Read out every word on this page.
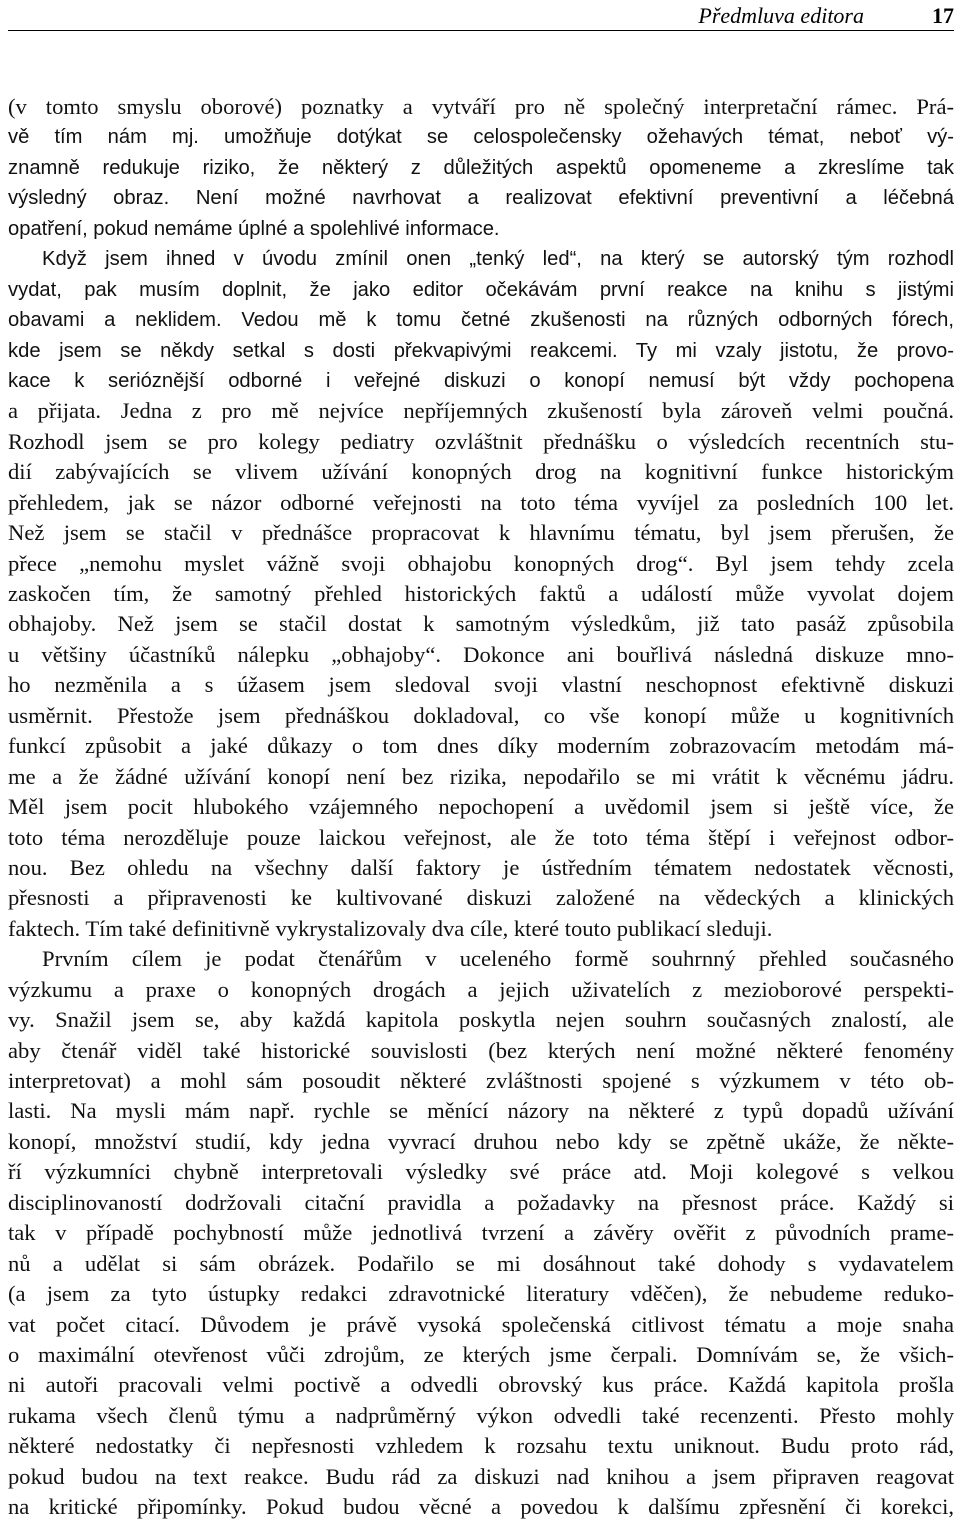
Předmluva editora	17
(v tomto smyslu oborové) poznatky a vytváří pro ně společný interpretační rámec. Prá-
vě tím nám mj. umožňuje dotýkat se celospolečensky ožehavých témat, neboť vý-
znamně redukuje riziko, že některý z důležitých aspektů opomeneme a zkreslíme tak
výsledný obraz. Není možné navrhovat a realizovat efektivní preventivní a léčebná
opatření, pokud nemáme úplné a spolehlivé informace.
Když jsem ihned v úvodu zmínil onen „tenký led“, na který se autorský tým rozhodl
vydat, pak musím doplnit, že jako editor očekávám první reakce na knihu s jistými
obavami a neklidem. Vedou mě k tomu četné zkušenosti na různých odborných fórech,
kde jsem se někdy setkal s dosti překvapivými reakcemi. Ty mi vzaly jistotu, že provo-
kace k serióznější odborné i veřejné diskuzi o konopí nemusí být vždy pochopena
a přijata. Jedna z pro mě nejvíce nepříjemných zkušeností byla zároveň velmi poučná.
Rozhodl jsem se pro kolegy pediatry ozvláštnit přednášku o výsledcích recentních stu-
dií zabývajících se vlivem užívání konopných drog na kognitivní funkce historickým
přehledem, jak se názor odborné veřejnosti na toto téma vyvíjel za posledních 100 let.
Než jsem se stačil v přednášce propracovat k hlavnímu tématu, byl jsem přerušen, že
přece „nemohu myslet vážně svoji obhajobu konopných drog“. Byl jsem tehdy zcela
zaskočen tím, že samotný přehled historických faktů a událostí může vyvolat dojem
obhajoby. Než jsem se stačil dostat k samotným výsledkům, již tato pasáž způsobila
u většiny účastníků nálepku „obhajoby“. Dokonce ani bouřlivá následná diskuze mno-
ho nezměnila a s úžasem jsem sledoval svoji vlastní neschopnost efektivně diskuzi
usměrnit. Přestože jsem přednáškou dokladoval, co vše konopí může u kognitivních
funkcí způsobit a jaké důkazy o tom dnes díky moderním zobrazovacím metodám má-
me a že žádné užívání konopí není bez rizika, nepodařilo se mi vrátit k věcnému jádru.
Měl jsem pocit hlubokého vzájemného nepochopení a uvědomil jsem si ještě více, že
toto téma nerozděluje pouze laickou veřejnost, ale že toto téma štěpí i veřejnost odbor-
nou. Bez ohledu na všechny další faktory je ústředním tématem nedostatek věcnosti,
přesnosti a připravenosti ke kultivované diskuzi založené na vědeckých a klinických
faktech. Tím také definitivně vykrystalizovaly dva cíle, které touto publikací sleduji.
Prvním cílem je podat čtenářům v uceleného formě souhrnný přehled současného
výzkumu a praxe o konopných drogách a jejich uživatelích z mezioborové perspekti-
vy. Snažil jsem se, aby každá kapitola poskytla nejen souhrn současných znalostí, ale
aby čtenář viděl také historické souvislosti (bez kterých není možné některé fenomény
interpretovat) a mohl sám posoudit některé zvláštnosti spojené s výzkumem v této ob-
lasti. Na mysli mám např. rychle se měnící názory na některé z typů dopadů užívání
konopí, množství studií, kdy jedna vyvrací druhou nebo kdy se zpětně ukáže, že někte-
ří výzkumníci chybně interpretovali výsledky své práce atd. Moji kolegové s velkou
disciplinovaností dodržovali citační pravidla a požadavky na přesnost práce. Každý si
tak v případě pochybností může jednotlivá tvrzení a závěry ověřit z původních prame-
nů a udělat si sám obrázek. Podařilo se mi dosáhnout také dohody s vydavatelem
(a jsem za tyto ústupky redakci zdravotnické literatury vděčen), že nebudeme reduko-
vat počet citací. Důvodem je právě vysoká společenská citlivost tématu a moje snaha
o maximální otevřenost vůči zdrojům, ze kterých jsme čerpali. Domnívám se, že všich-
ni autoři pracovali velmi poctivě a odvedli obrovský kus práce. Každá kapitola prošla
rukama všech členů týmu a nadprůměrný výkon odvedli také recenzenti. Přesto mohly
některé nedostatky či nepřesnosti vzhledem k rozsahu textu uniknout. Budu proto rád,
pokud budou na text reakce. Budu rád za diskuzi nad knihou a jsem připraven reagovat
na kritické připomínky. Pokud budou věcné a povedou k dalšímu zpřesnění či korekci,
